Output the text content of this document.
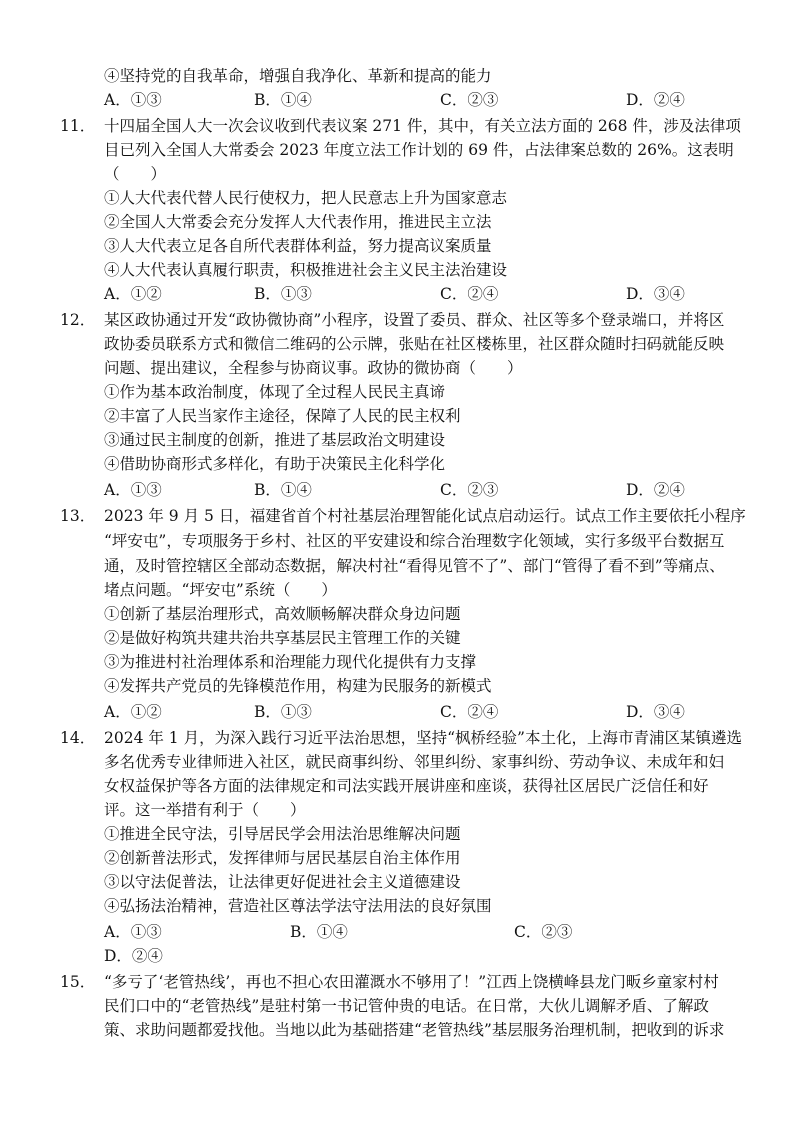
④坚持党的自我革命，增强自我净化、革新和提高的能力
A．①③	B．①④	C．②③	D．②④
11． 十四届全国人大一次会议收到代表议案 271 件，其中，有关立法方面的 268 件，涉及法律项
目已列入全国人大常委会 2023 年度立法工作计划的 69 件，占法律案总数的 26%。这表明
（　　）
①人大代表代替人民行使权力，把人民意志上升为国家意志
②全国人大常委会充分发挥人大代表作用，推进民主立法
③人大代表立足各自所代表群体利益，努力提高议案质量
④人大代表认真履行职责，积极推进社会主义民主法治建设
A．①②	B．①③	C．②④	D．③④
12． 某区政协通过开发“政协微协商”小程序，设置了委员、群众、社区等多个登录端口，并将区
政协委员联系方式和微信二维码的公示牌，张贴在社区楼栋里，社区群众随时扫码就能反映
问题、提出建议，全程参与协商议事。政协的微协商（　　）
①作为基本政治制度，体现了全过程人民民主真谛
②丰富了人民当家作主途径，保障了人民的民主权利
③通过民主制度的创新，推进了基层政治文明建设
④借助协商形式多样化，有助于决策民主化科学化
A．①③	B．①④	C．②③	D．②④
13． 2023 年 9 月 5 日，福建省首个村社基层治理智能化试点启动运行。试点工作主要依托小程序
“坪安屯”，专项服务于乡村、社区的平安建设和综合治理数字化领域，实行多级平台数据互
通，及时管控辖区全部动态数据，解决村社“看得见管不了”、部门“管得了看不到”等痛点、
堵点问题。“坪安屯”系统（　　）
①创新了基层治理形式，高效顺畅解决群众身边问题
②是做好构筑共建共治共享基层民主管理工作的关键
③为推进村社治理体系和治理能力现代化提供有力支撑
④发挥共产党员的先锋模范作用，构建为民服务的新模式
A．①②	B．①③	C．②④	D．③④
14． 2024 年 1 月，为深入践行习近平法治思想，坚持“枫桥经验”本土化，上海市青浦区某镇遴选
多名优秀专业律师进入社区，就民商事纠纷、邻里纠纷、家事纠纷、劳动争议、未成年和妇
女权益保护等各方面的法律规定和司法实践开展讲座和座谈，获得社区居民广泛信任和好
评。这一举措有利于（　　）
①推进全民守法，引导居民学会用法治思维解决问题
②创新普法形式，发挥律师与居民基层自治主体作用
③以守法促普法，让法律更好促进社会主义道德建设
④弘扬法治精神，营造社区尊法学法守法用法的良好氛围
A．①③	B．①④	C．②③
D．②④
15． “多亏了‘老管热线’，再也不担心农田灌溉水不够用了！”江西上饶横峰县龙门畈乡童家村村
民们口中的“老管热线”是驻村第一书记管仲贵的电话。在日常，大伙儿调解矛盾、了解政
策、求助问题都爱找他。当地以此为基础搭建“老管热线”基层服务治理机制，把收到的诉求
